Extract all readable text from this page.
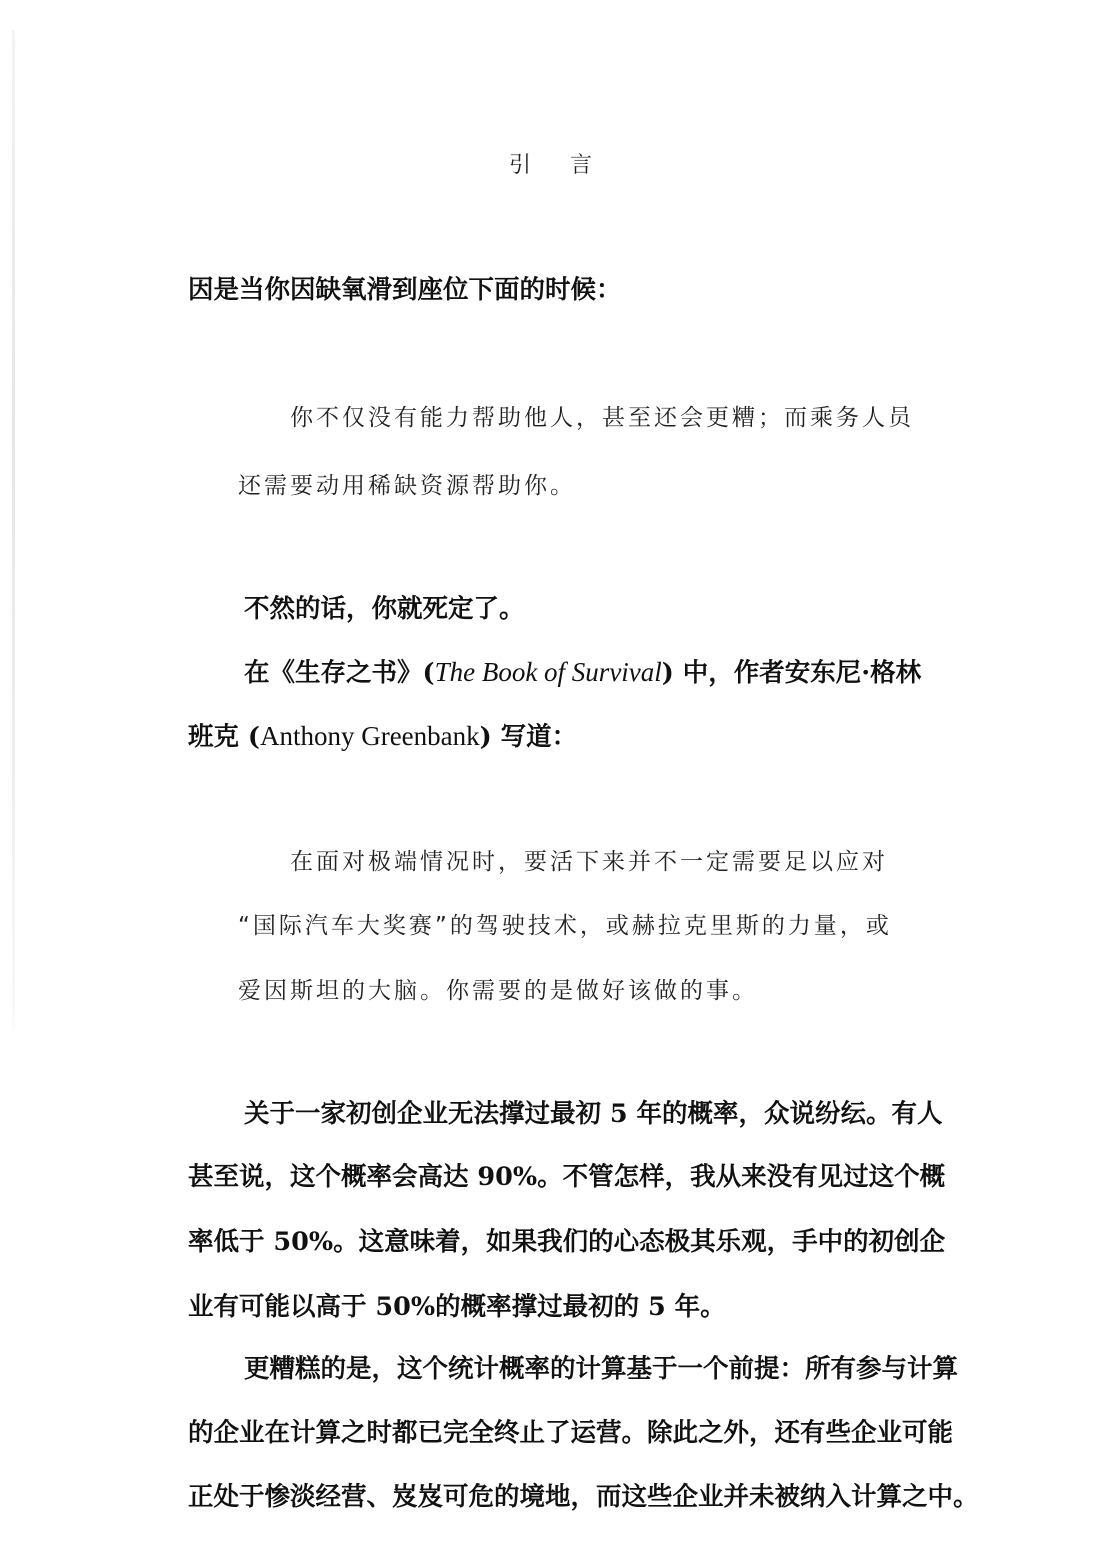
引 言
因是当你因缺氧滑到座位下面的时候：
你不仅没有能力帮助他人，甚至还会更糟；而乘务人员
还需要动用稀缺资源帮助你。
不然的话，你就死定了。
在《生存之书》(The Book of Survival) 中，作者安东尼·格林
班克 (Anthony Greenbank) 写道：
在面对极端情况时，要活下来并不一定需要足以应对
“国际汽车大奖赛”的驾驶技术，或赫拉克里斯的力量，或
爱因斯坦的大脑。你需要的是做好该做的事。
关于一家初创企业无法撑过最初 5 年的概率，众说纷纭。有人
甚至说，这个概率会高达 90%。不管怎样，我从来没有见过这个概
率低于 50%。这意味着，如果我们的心态极其乐观，手中的初创企
业有可能以高于 50%的概率撑过最初的 5 年。
更糟糕的是，这个统计概率的计算基于一个前提：所有参与计算
的企业在计算之时都已完全终止了运营。除此之外，还有些企业可能
正处于惨淡经营、岌岌可危的境地，而这些企业并未被纳入计算之中。
